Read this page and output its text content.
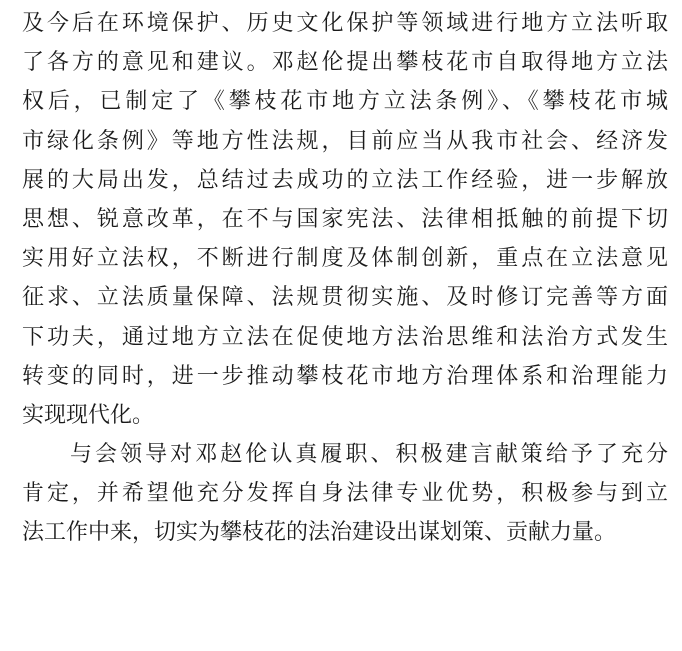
及今后在环境保护、历史文化保护等领域进行地方立法听取
了各方的意见和建议。邓赵伦提出攀枝花市自取得地方立法
权后，已制定了《攀枝花市地方立法条例》、《攀枝花市城
市绿化条例》等地方性法规，目前应当从我市社会、经济发
展的大局出发，总结过去成功的立法工作经验，进一步解放
思想、锐意改革，在不与国家宪法、法律相抵触的前提下切
实用好立法权，不断进行制度及体制创新，重点在立法意见
征求、立法质量保障、法规贯彻实施、及时修订完善等方面
下功夫，通过地方立法在促使地方法治思维和法治方式发生
转变的同时，进一步推动攀枝花市地方治理体系和治理能力
实现现代化。
与会领导对邓赵伦认真履职、积极建言献策给予了充分
肯定，并希望他充分发挥自身法律专业优势，积极参与到立
法工作中来，切实为攀枝花的法治建设出谋划策、贡献力量。
